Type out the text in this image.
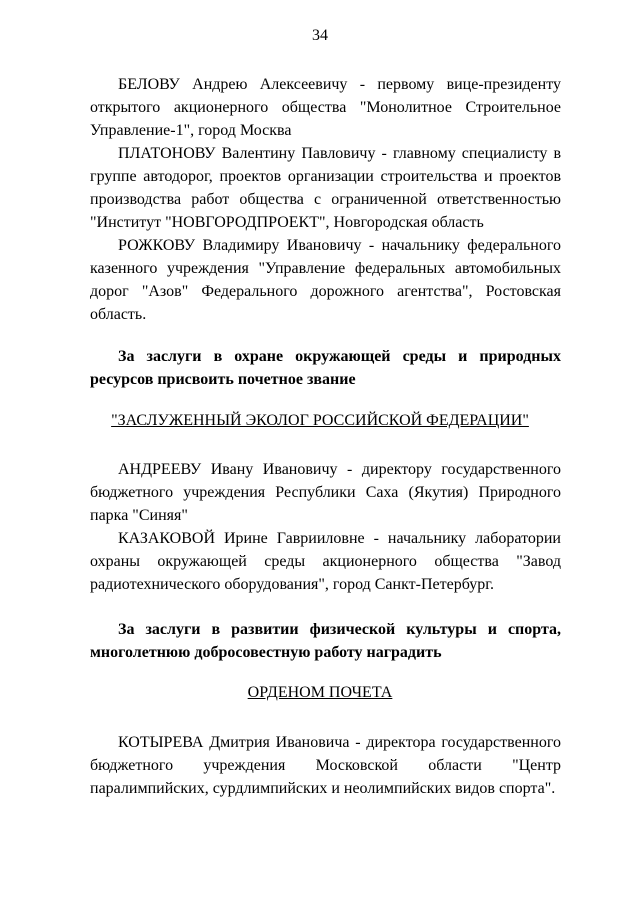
34

БЕЛОВУ Андрею Алексеевичу - первому вице-президенту открытого акционерного общества "Монолитное Строительное Управление-1", город Москва

ПЛАТОНОВУ Валентину Павловичу - главному специалисту в группе автодорог, проектов организации строительства и проектов производства работ общества с ограниченной ответственностью "Институт "НОВГОРОДПРОЕКТ", Новгородская область

РОЖКОВУ Владимиру Ивановичу - начальнику федерального казенного учреждения "Управление федеральных автомобильных дорог "Азов" Федерального дорожного агентства", Ростовская область.

За заслуги в охране окружающей среды и природных ресурсов присвоить почетное звание

"ЗАСЛУЖЕННЫЙ ЭКОЛОГ РОССИЙСКОЙ ФЕДЕРАЦИИ"

АНДРЕЕВУ Ивану Ивановичу - директору государственного бюджетного учреждения Республики Саха (Якутия) Природного парка "Синяя"

КАЗАКОВОЙ Ирине Гаврииловне - начальнику лаборатории охраны окружающей среды акционерного общества "Завод радиотехнического оборудования", город Санкт-Петербург.

За заслуги в развитии физической культуры и спорта, многолетнюю добросовестную работу наградить

ОРДЕНОМ ПОЧЕТА

КОТЫРЕВА Дмитрия Ивановича - директора государственного бюджетного учреждения Московской области "Центр паралимпийских, сурдлимпийских и неолимпийских видов спорта".
